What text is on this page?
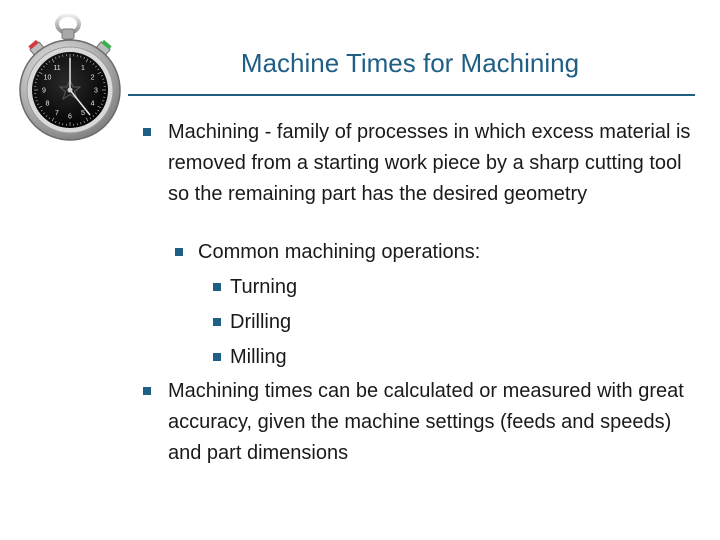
1
2
3
4
5
6
7
8
9
10
11	Machine Times for Machining
Machining - family of processes in which excess material is removed from a starting work piece by a sharp cutting tool so the remaining part has the desired geometry
Common machining operations:
Turning
Drilling
Milling
Machining times can be calculated or measured with great accuracy, given the machine settings (feeds and speeds) and part dimensions
